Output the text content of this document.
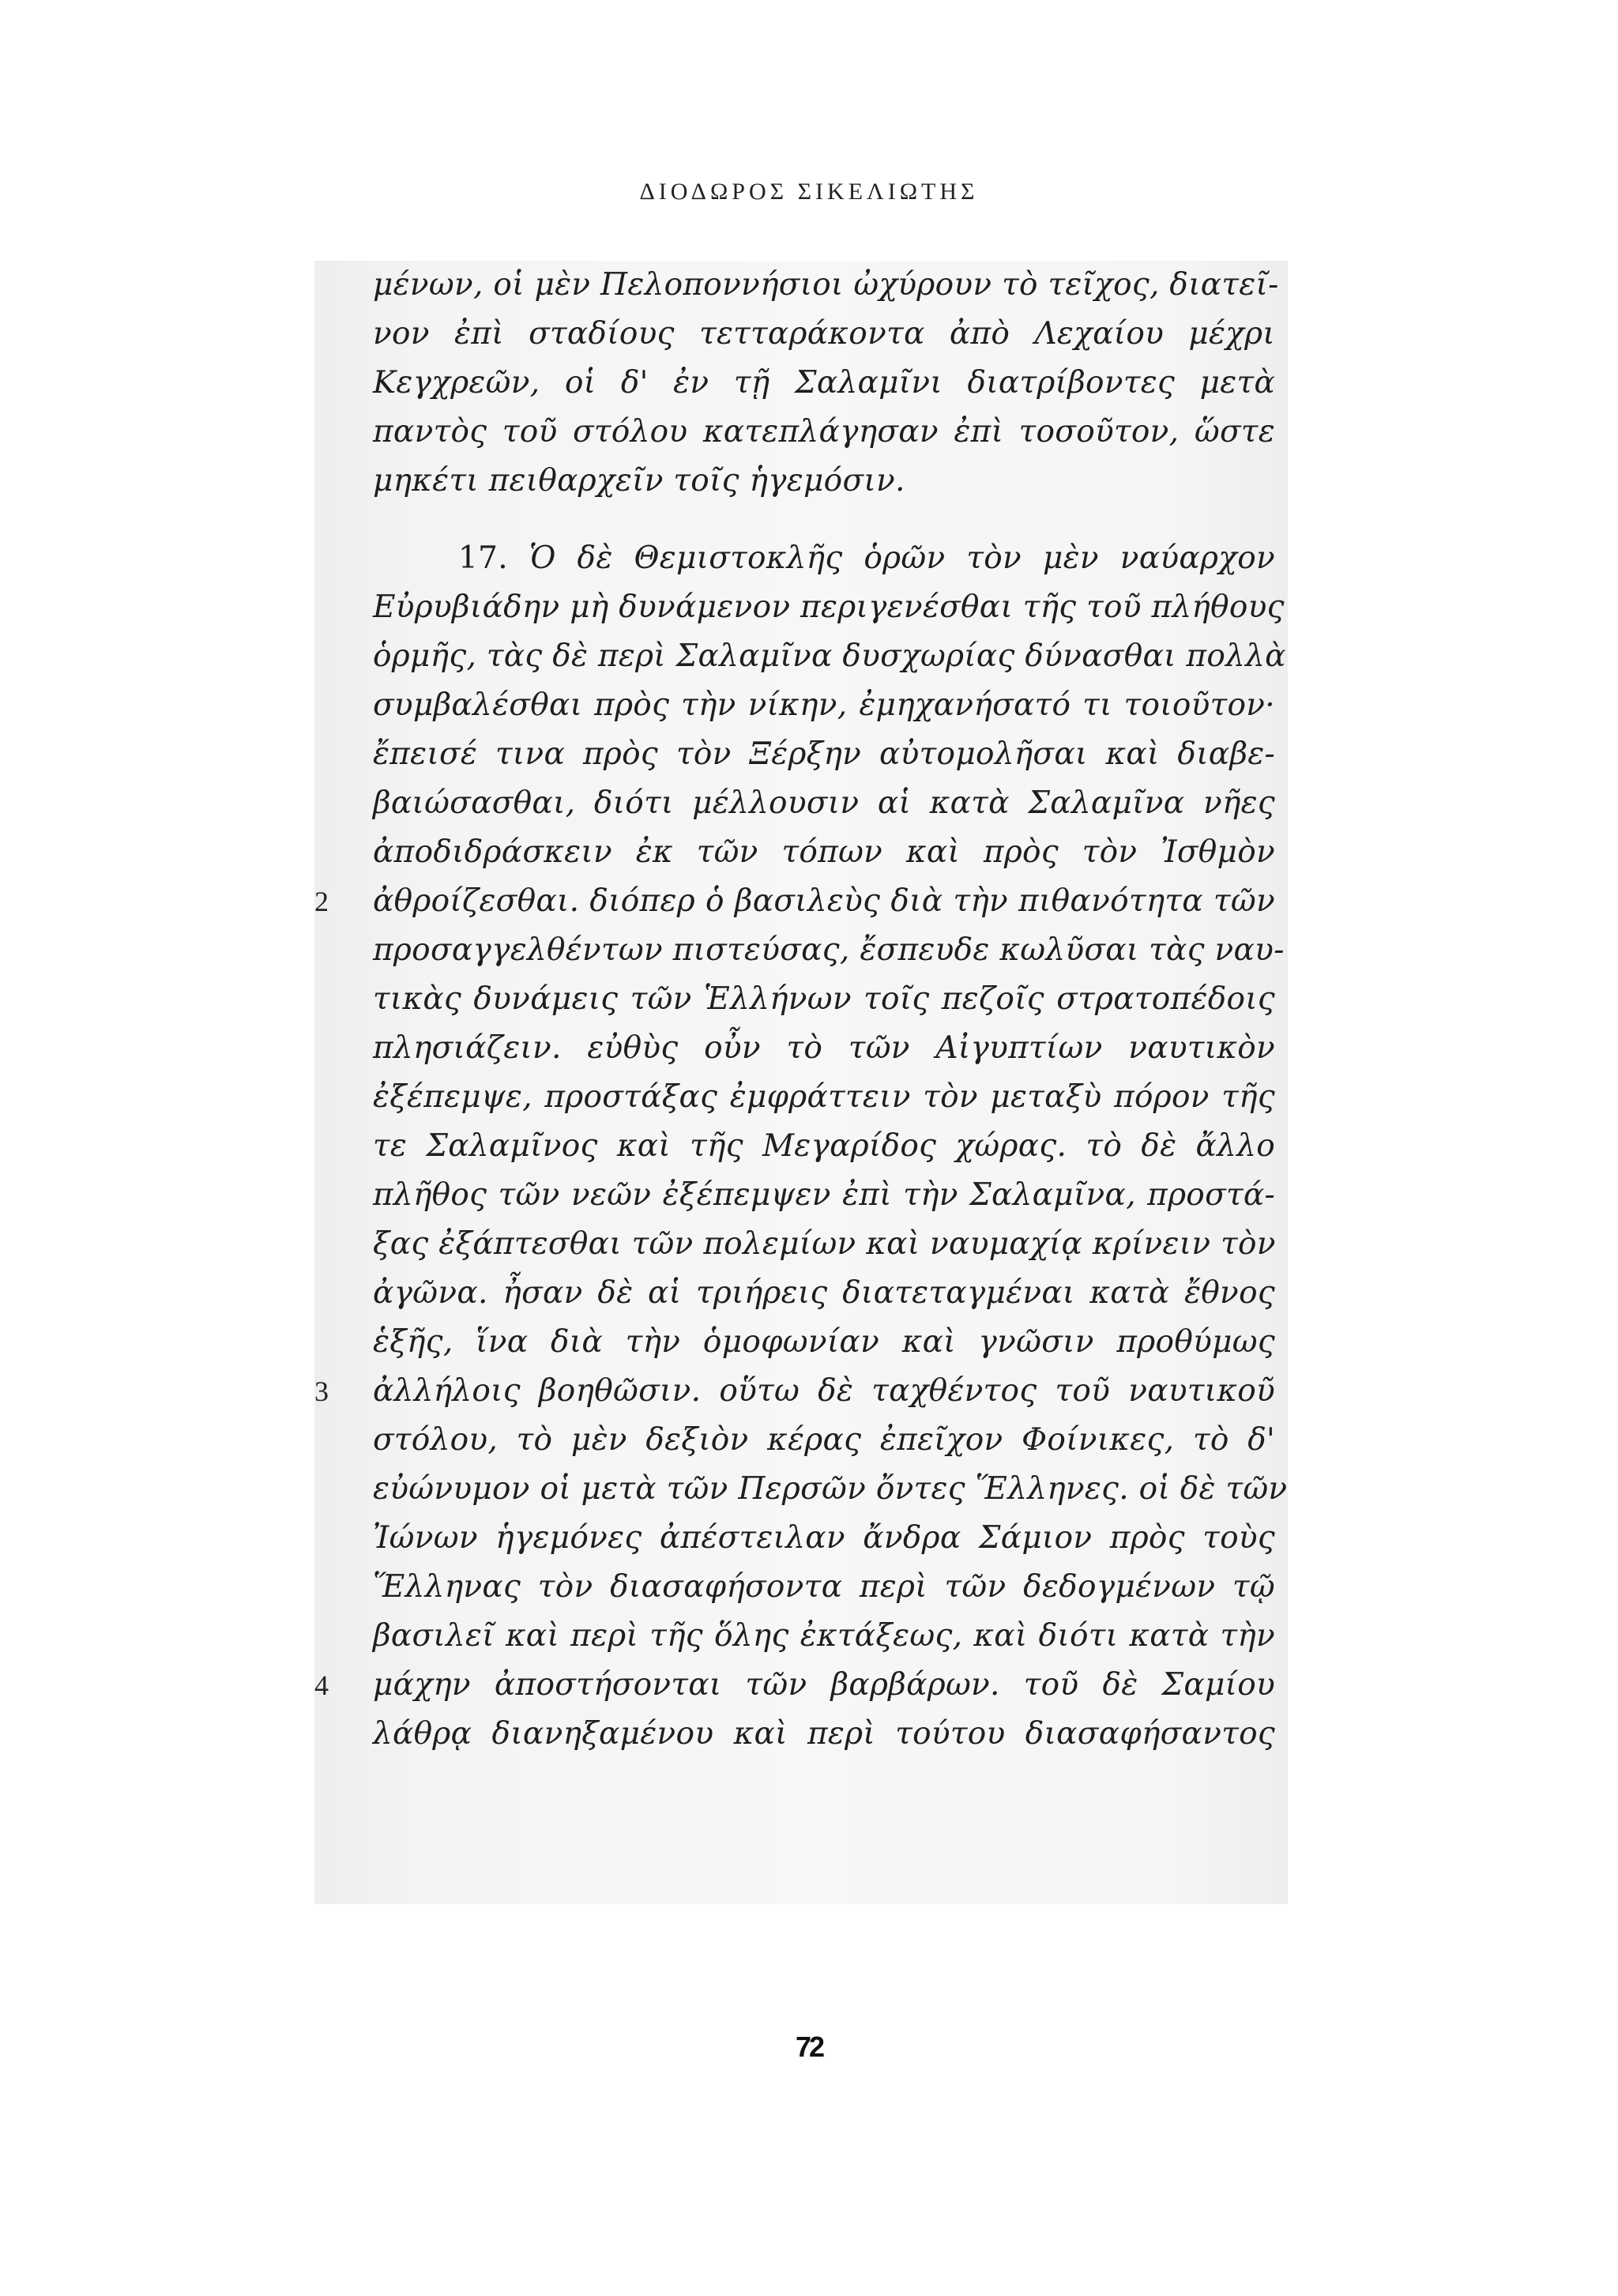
ΔΙΟΔΩΡΟΣ ΣΙΚΕΛΙΩΤΗΣ
μένων, οἱ μὲν Πελοποννήσιοι ὠχύρουν τὸ τεῖχος, διατεῖ-
νον ἐπὶ σταδίους τετταράκοντα ἀπὸ Λεχαίου μέχρι
Κεγχρεῶν, οἱ δ' ἐν τῇ Σαλαμῖνι διατρίβοντες μετὰ
παντὸς τοῦ στόλου κατεπλάγησαν ἐπὶ τοσοῦτον, ὥστε
μηκέτι πειθαρχεῖν τοῖς ἡγεμόσιν.
17. Ὁ δὲ Θεμιστοκλῆς ὁρῶν τὸν μὲν ναύαρχον
Εὐρυβιάδην μὴ δυνάμενον περιγενέσθαι τῆς τοῦ πλήθους
ὁρμῆς, τὰς δὲ περὶ Σαλαμῖνα δυσχωρίας δύνασθαι πολλὰ
συμβαλέσθαι πρὸς τὴν νίκην, ἐμηχανήσατό τι τοιοῦτον·
ἔπεισέ τινα πρὸς τὸν Ξέρξην αὐτομολῆσαι καὶ διαβε-
βαιώσασθαι, διότι μέλλουσιν αἱ κατὰ Σαλαμῖνα νῆες
ἀποδιδράσκειν ἐκ τῶν τόπων καὶ πρὸς τὸν Ἰσθμὸν
2	ἀθροίζεσθαι. διόπερ ὁ βασιλεὺς διὰ τὴν πιθανότητα τῶν
προσαγγελθέντων πιστεύσας, ἔσπευδε κωλῦσαι τὰς ναυ-
τικὰς δυνάμεις τῶν Ἑλλήνων τοῖς πεζοῖς στρατοπέδοις
πλησιάζειν. εὐθὺς οὖν τὸ τῶν Αἰγυπτίων ναυτικὸν
ἐξέπεμψε, προστάξας ἐμφράττειν τὸν μεταξὺ πόρον τῆς
τε Σαλαμῖνος καὶ τῆς Μεγαρίδος χώρας. τὸ δὲ ἄλλο
πλῆθος τῶν νεῶν ἐξέπεμψεν ἐπὶ τὴν Σαλαμῖνα, προστά-
ξας ἐξάπτεσθαι τῶν πολεμίων καὶ ναυμαχίᾳ κρίνειν τὸν
ἀγῶνα. ἦσαν δὲ αἱ τριήρεις διατεταγμέναι κατὰ ἔθνος
ἑξῆς, ἵνα διὰ τὴν ὁμοφωνίαν καὶ γνῶσιν προθύμως
3	ἀλλήλοις βοηθῶσιν. οὕτω δὲ ταχθέντος τοῦ ναυτικοῦ
στόλου, τὸ μὲν δεξιὸν κέρας ἐπεῖχον Φοίνικες, τὸ δ'
εὐώνυμον οἱ μετὰ τῶν Περσῶν ὄντες Ἕλληνες. οἱ δὲ τῶν
Ἰώνων ἡγεμόνες ἀπέστειλαν ἄνδρα Σάμιον πρὸς τοὺς
Ἕλληνας τὸν διασαφήσοντα περὶ τῶν δεδογμένων τῷ
βασιλεῖ καὶ περὶ τῆς ὅλης ἐκτάξεως, καὶ διότι κατὰ τὴν
4	μάχην ἀποστήσονται τῶν βαρβάρων. τοῦ δὲ Σαμίου
λάθρᾳ διανηξαμένου καὶ περὶ τούτου διασαφήσαντος
72
